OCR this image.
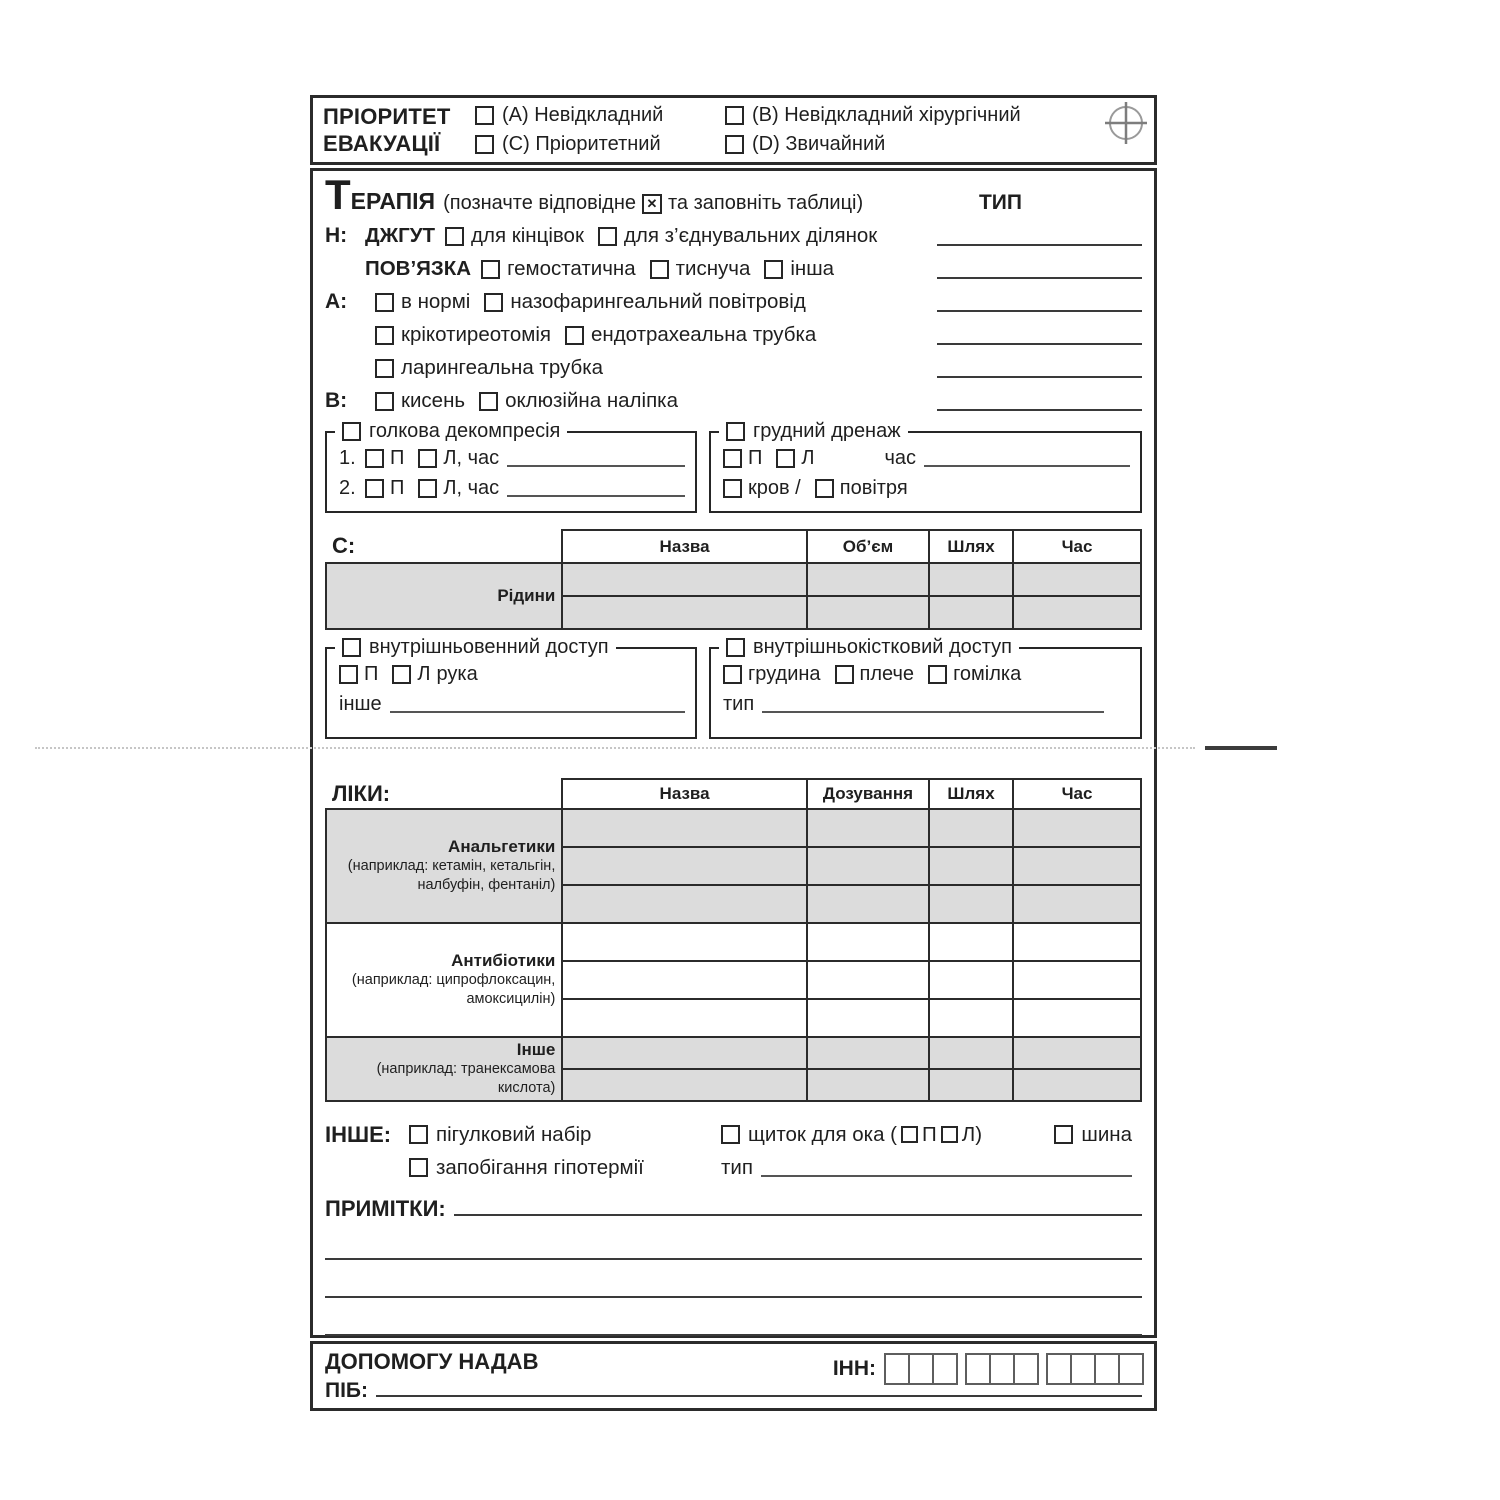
ПРІОРИТЕТ
ЕВАКУАЦІЇ
(A) Невідкладний	(B) Невідкладний хірургічний
(C) Пріоритетний	(D) Звичайний
Т ЕРАПІЯ (позначте відповідне ✕ та заповніть таблиці)	ТИП
H: ДЖГУТ для кінцівок для з’єднувальних ділянок
ПОВ’ЯЗКА гемостатична тиснуча інша
A:	в нормі назофарингеальний повітровід
крікотиреотомія ендотрахеальна трубка
ларингеальна трубка
B:	кисень оклюзійна наліпка
голкова декомпресія
1.	П Л, час
2.	П Л, час
грудний дренаж
П Л	час
кров / повітря
C:	Назва	Об’єм	Шлях	Час
Рідини				

внутрішньовенний доступ
П Л рука
інше
внутрішньокістковий доступ
грудина плече гомілка
тип
ЛІКИ:	Назва	Дозування	Шлях	Час

Анальгетики
(наприклад: кетамін, кетальгін, налбуфін, фентаніл)				

Антибіотики
(наприклад: ципрофлоксацин, амоксицилін)				

Інше
(наприклад: транексамова кислота)				

ІНШЕ:	пігулковий набір	щиток для ока ( П Л )	шина
запобігання гіпотермії	тип
ПРИМІТКИ:
ДОПОМОГУ НАДАВ
ПІБ:
ІНН:
